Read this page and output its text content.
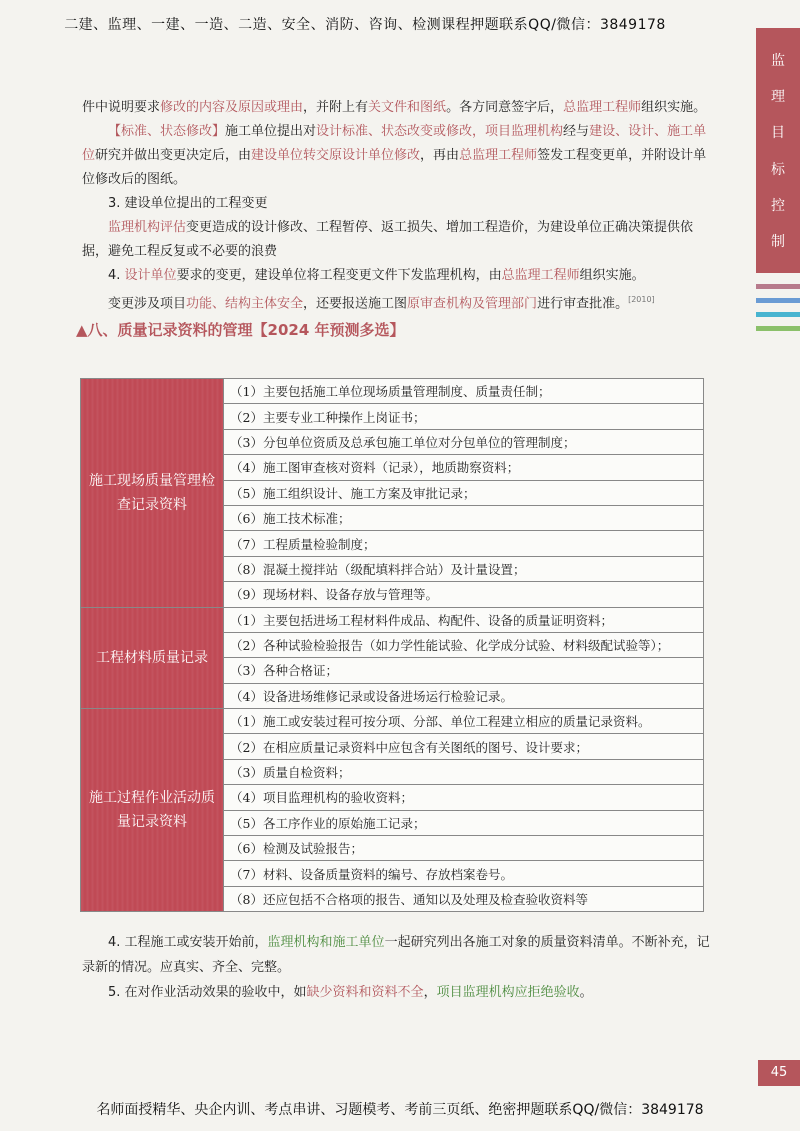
二建、监理、一建、一造、二造、安全、消防、咨询、检测课程押题联系QQ/微信：3849178
监
理
目
标
控
制

件中说明要求修改的内容及原因或理由，并附上有关文件和图纸。各方同意签字后，总监理工程师组织实施。

【标准、状态修改】施工单位提出对设计标准、状态改变或修改，项目监理机构经与建设、设计、施工单位研究并做出变更决定后，由建设单位转交原设计单位修改，再由总监理工程师签发工程变更单，并附设计单位修改后的图纸。

3. 建设单位提出的工程变更

监理机构评估变更造成的设计修改、工程暂停、返工损失、增加工程造价，为建设单位正确决策提供依据，避免工程反复或不必要的浪费

4. 设计单位要求的变更，建设单位将工程变更文件下发监理机构，由总监理工程师组织实施。

变更涉及项目功能、结构主体安全，还要报送施工图原审查机构及管理部门进行审查批准。[2010]

▲八、质量记录资料的管理【2024 年预测多选】
施工现场质量管理检查记录资料	（1）主要包括施工单位现场质量管理制度、质量责任制；
	（2）主要专业工种操作上岗证书；
	（3）分包单位资质及总承包施工单位对分包单位的管理制度；
	（4）施工图审查核对资料（记录），地质勘察资料；
	（5）施工组织设计、施工方案及审批记录；
	（6）施工技术标准；
	（7）工程质量检验制度；
	（8）混凝土搅拌站（级配填料拌合站）及计量设置；
	（9）现场材料、设备存放与管理等。
工程材料质量记录	（1）主要包括进场工程材料件成品、构配件、设备的质量证明资料；
	（2）各种试验检验报告（如力学性能试验、化学成分试验、材料级配试验等）；
	（3）各种合格证；
	（4）设备进场维修记录或设备进场运行检验记录。
施工过程作业活动质量记录资料	（1）施工或安装过程可按分项、分部、单位工程建立相应的质量记录资料。
	（2）在相应质量记录资料中应包含有关图纸的图号、设计要求；
	（3）质量自检资料；
	（4）项目监理机构的验收资料；
	（5）各工序作业的原始施工记录；
	（6）检测及试验报告；
	（7）材料、设备质量资料的编号、存放档案卷号。
	（8）还应包括不合格项的报告、通知以及处理及检查验收资料等

4. 工程施工或安装开始前，监理机构和施工单位一起研究列出各施工对象的质量资料清单。不断补充，记录新的情况。应真实、齐全、完整。

5. 在对作业活动效果的验收中，如缺少资料和资料不全，项目监理机构应拒绝验收。

45
名师面授精华、央企内训、考点串讲、习题模考、考前三页纸、绝密押题联系QQ/微信：3849178
